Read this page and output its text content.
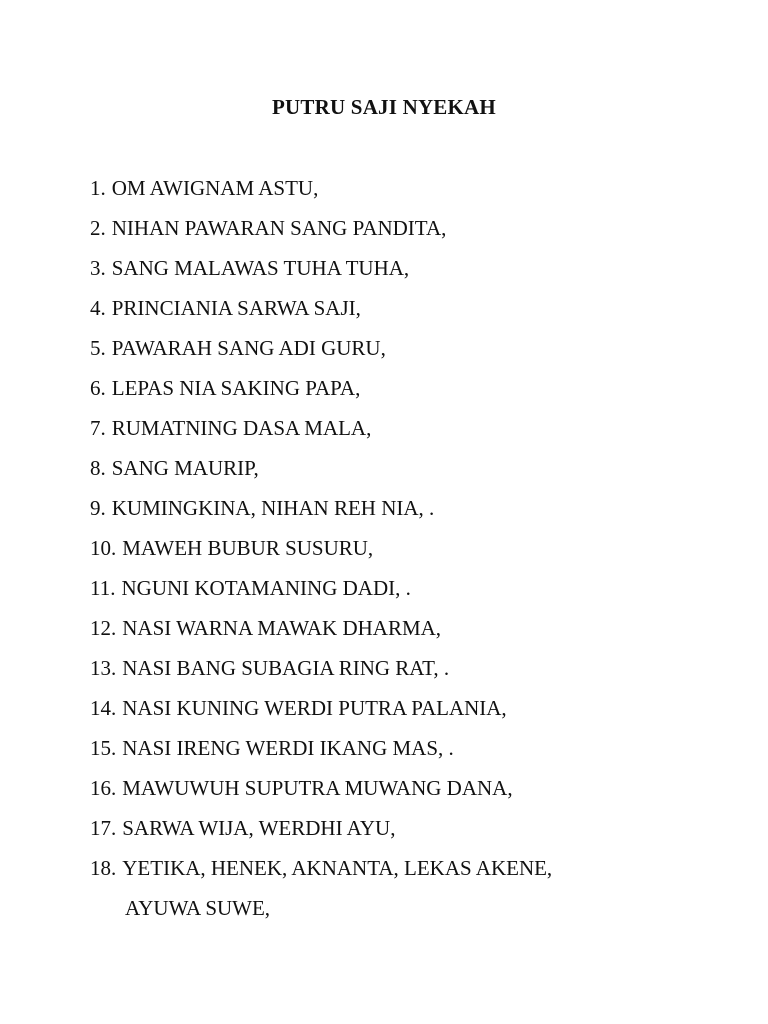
PUTRU SAJI NYEKAH
1. OM AWIGNAM ASTU,
2. NIHAN PAWARAN SANG PANDITA,
3. SANG MALAWAS TUHA TUHA,
4. PRINCIANIA SARWA SAJI,
5. PAWARAH SANG ADI GURU,
6. LEPAS NIA SAKING PAPA,
7. RUMATNING DASA MALA,
8. SANG MAURIP,
9. KUMINGKINA, NIHAN REH NIA, .
10. MAWEH BUBUR SUSURU,
11. NGUNI KOTAMANING DADI, .
12. NASI WARNA MAWAK DHARMA,
13. NASI BANG SUBAGIA RING RAT, .
14. NASI KUNING WERDI PUTRA PALANIA,
15. NASI IRENG WERDI IKANG MAS, .
16. MAWUWUH SUPUTRA MUWANG DANA,
17. SARWA WIJA, WERDHI AYU,
18. YETIKA, HENEK, AKNANTA, LEKAS AKENE,
AYUWA SUWE,
